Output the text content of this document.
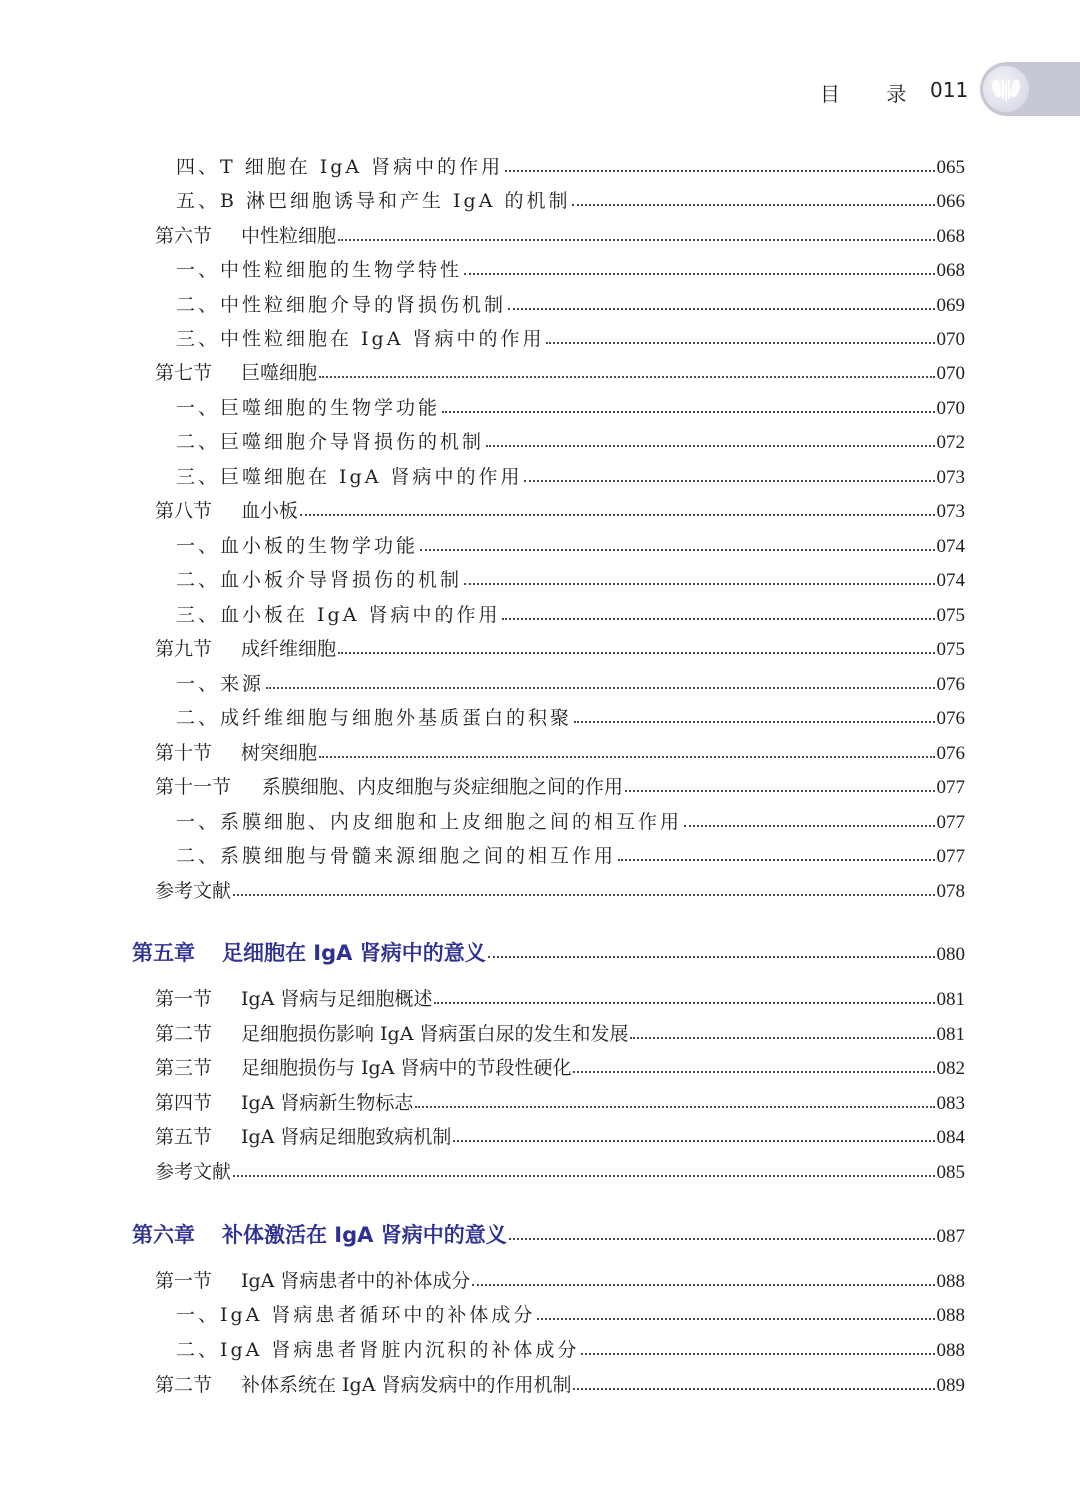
目 录 011
四、T 细胞在 IgA 肾病中的作用	065
五、B 淋巴细胞诱导和产生 IgA 的机制	066
第六节 中性粒细胞	068
一、中性粒细胞的生物学特性	068
二、中性粒细胞介导的肾损伤机制	069
三、中性粒细胞在 IgA 肾病中的作用	070
第七节 巨噬细胞	070
一、巨噬细胞的生物学功能	070
二、巨噬细胞介导肾损伤的机制	072
三、巨噬细胞在 IgA 肾病中的作用	073
第八节 血小板	073
一、血小板的生物学功能	074
二、血小板介导肾损伤的机制	074
三、血小板在 IgA 肾病中的作用	075
第九节 成纤维细胞	075
一、来源	076
二、成纤维细胞与细胞外基质蛋白的积聚	076
第十节 树突细胞	076
第十一节 系膜细胞、内皮细胞与炎症细胞之间的作用	077
一、系膜细胞、内皮细胞和上皮细胞之间的相互作用	077
二、系膜细胞与骨髓来源细胞之间的相互作用	077
参考文献	078
第五章 足细胞在 IgA 肾病中的意义	080
第一节 IgA 肾病与足细胞概述	081
第二节 足细胞损伤影响 IgA 肾病蛋白尿的发生和发展	081
第三节 足细胞损伤与 IgA 肾病中的节段性硬化	082
第四节 IgA 肾病新生物标志	083
第五节 IgA 肾病足细胞致病机制	084
参考文献	085
第六章 补体激活在 IgA 肾病中的意义	087
第一节 IgA 肾病患者中的补体成分	088
一、IgA 肾病患者循环中的补体成分	088
二、IgA 肾病患者肾脏内沉积的补体成分	088
第二节 补体系统在 IgA 肾病发病中的作用机制	089
